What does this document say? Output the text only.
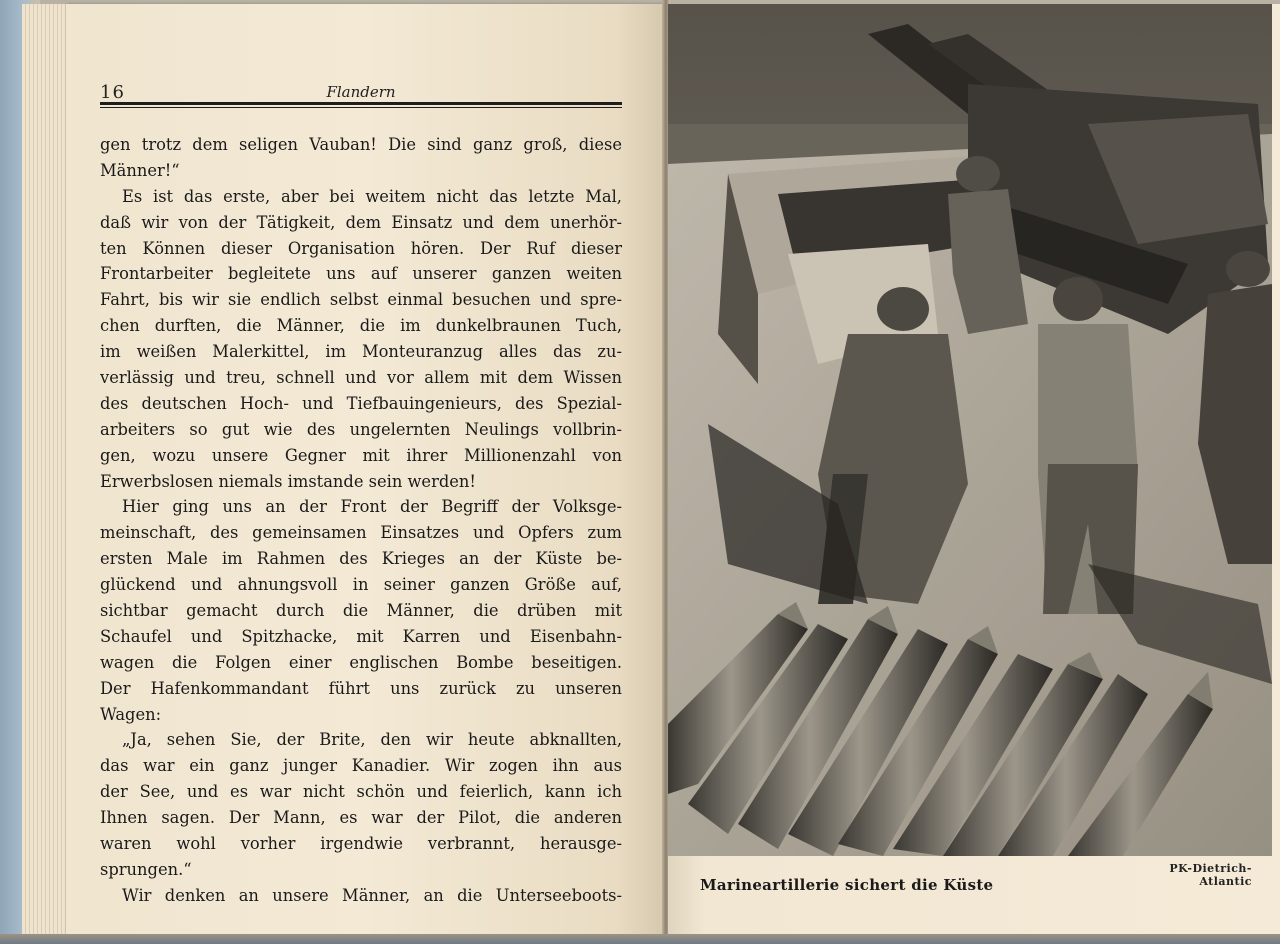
16	Flandern
gen trotz dem seligen Vauban! Die sind ganz groß, diese
Männer!“
Es ist das erste, aber bei weitem nicht das letzte Mal,
daß wir von der Tätigkeit, dem Einsatz und dem unerhör-
ten Können dieser Organisation hören. Der Ruf dieser
Frontarbeiter begleitete uns auf unserer ganzen weiten
Fahrt, bis wir sie endlich selbst einmal besuchen und spre-
chen durften, die Männer, die im dunkelbraunen Tuch,
im weißen Malerkittel, im Monteuranzug alles das zu-
verlässig und treu, schnell und vor allem mit dem Wissen
des deutschen Hoch- und Tiefbauingenieurs, des Spezial-
arbeiters so gut wie des ungelernten Neulings vollbrin-
gen, wozu unsere Gegner mit ihrer Millionenzahl von
Erwerbslosen niemals imstande sein werden!
Hier ging uns an der Front der Begriff der Volksge-
meinschaft, des gemeinsamen Einsatzes und Opfers zum
ersten Male im Rahmen des Krieges an der Küste be-
glückend und ahnungsvoll in seiner ganzen Größe auf,
sichtbar gemacht durch die Männer, die drüben mit
Schaufel und Spitzhacke, mit Karren und Eisenbahn-
wagen die Folgen einer englischen Bombe beseitigen.
Der Hafenkommandant führt uns zurück zu unseren
Wagen:
„Ja, sehen Sie, der Brite, den wir heute abknallten,
das war ein ganz junger Kanadier. Wir zogen ihn aus
der See, und es war nicht schön und feierlich, kann ich
Ihnen sagen. Der Mann, es war der Pilot, die anderen
waren wohl vorher irgendwie verbrannt, herausge-
sprungen.“
Wir denken an unsere Männer, an die Unterseeboots-
PK-Dietrich-Atlantic
Marineartillerie sichert die Küste
